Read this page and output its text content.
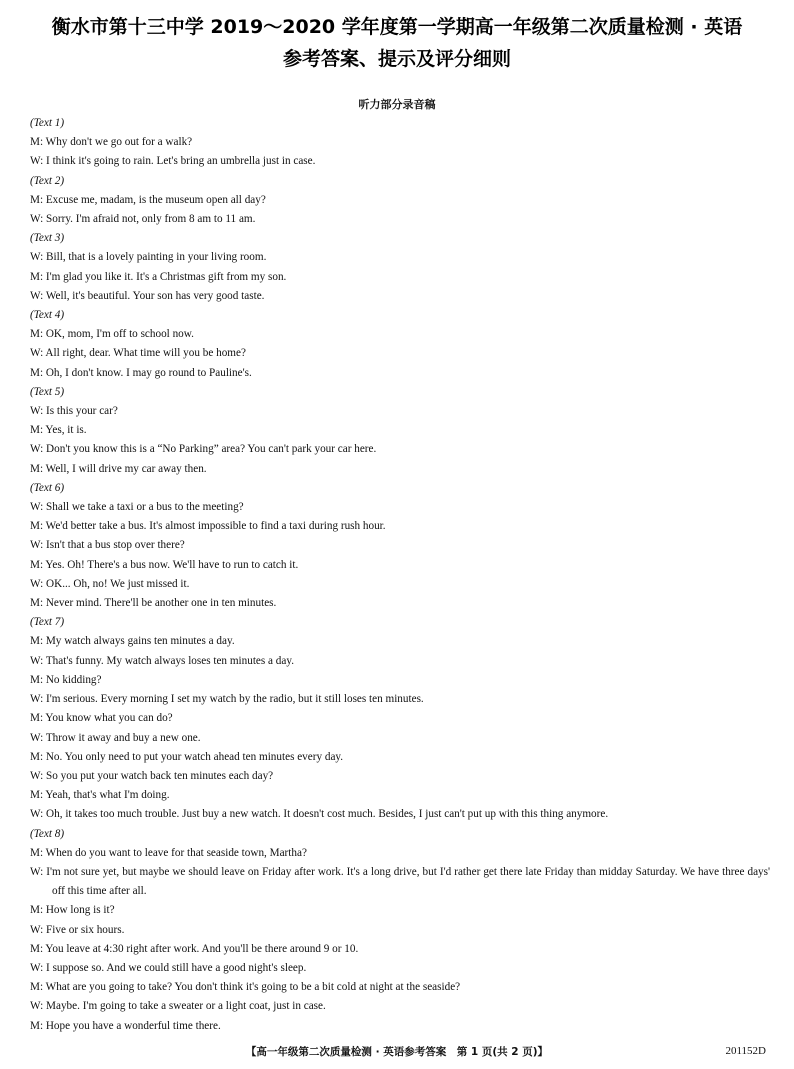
衡水市第十三中学 2019～2020 学年度第一学期高一年级第二次质量检测 · 英语
参考答案、提示及评分细则
听力部分录音稿
(Text 1)
M: Why don't we go out for a walk?
W: I think it's going to rain. Let's bring an umbrella just in case.
(Text 2)
M: Excuse me, madam, is the museum open all day?
W: Sorry. I'm afraid not, only from 8 am to 11 am.
(Text 3)
W: Bill, that is a lovely painting in your living room.
M: I'm glad you like it. It's a Christmas gift from my son.
W: Well, it's beautiful. Your son has very good taste.
(Text 4)
M: OK, mom, I'm off to school now.
W: All right, dear. What time will you be home?
M: Oh, I don't know. I may go round to Pauline's.
(Text 5)
W: Is this your car?
M: Yes, it is.
W: Don't you know this is a “No Parking” area? You can't park your car here.
M: Well, I will drive my car away then.
(Text 6)
W: Shall we take a taxi or a bus to the meeting?
M: We'd better take a bus. It's almost impossible to find a taxi during rush hour.
W: Isn't that a bus stop over there?
M: Yes. Oh! There's a bus now. We'll have to run to catch it.
W: OK... Oh, no! We just missed it.
M: Never mind. There'll be another one in ten minutes.
(Text 7)
M: My watch always gains ten minutes a day.
W: That's funny. My watch always loses ten minutes a day.
M: No kidding?
W: I'm serious. Every morning I set my watch by the radio, but it still loses ten minutes.
M: You know what you can do?
W: Throw it away and buy a new one.
M: No. You only need to put your watch ahead ten minutes every day.
W: So you put your watch back ten minutes each day?
M: Yeah, that's what I'm doing.
W: Oh, it takes too much trouble. Just buy a new watch. It doesn't cost much. Besides, I just can't put up with this thing anymore.
(Text 8)
M: When do you want to leave for that seaside town, Martha?
W: I'm not sure yet, but maybe we should leave on Friday after work. It's a long drive, but I'd rather get there late Friday than midday Saturday. We have three days' off this time after all.
M: How long is it?
W: Five or six hours.
M: You leave at 4:30 right after work. And you'll be there around 9 or 10.
W: I suppose so. And we could still have a good night's sleep.
M: What are you going to take? You don't think it's going to be a bit cold at night at the seaside?
W: Maybe. I'm going to take a sweater or a light coat, just in case.
M: Hope you have a wonderful time there.
【高一年级第二次质量检测 · 英语参考答案　第 1 页(共 2 页)】	201152D
